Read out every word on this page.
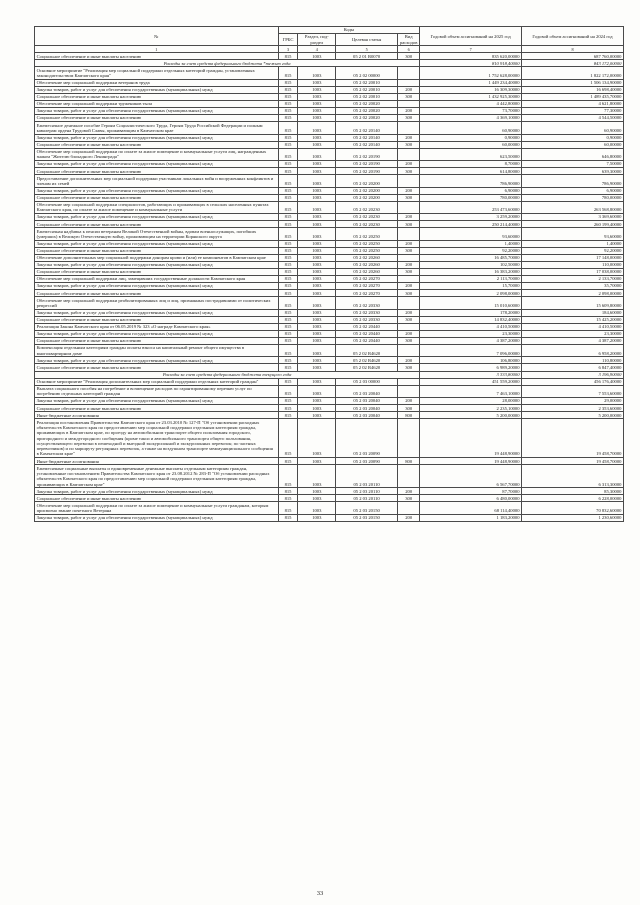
№	Коды				Годовой объем ассигнований на 2025 год	Годовой объем ассигнований на 2024 год
	ГРБС	Раздел, под-раздел	Целевая статья	Вид расходов		
1	3	4	5	6	7	8
Социальное обеспечение и иные выплаты населению	815	1003	05 2 01 R0070	300	835 620,00000	687 760,00000
Расходы за счет средств федерального бюджета *тежит года					810 918,40000	843 172,00000
Основное мероприятие "Реализация мер социальной поддержки отдельных категорий граждан, установленных законодательством Камчатского края"	815	1003	05 2 02 00000		1 752 628,00000	1 822 172,00000
Обеспечение мер социальной поддержки ветеранов труда	815	1003	05 2 02 20010		1 449 234,40000	1 506 134,90000
Закупка товаров, работ и услуг для обеспечения государственных (муниципальных) нужд	815	1003	05 2 02 20010	200	16 309,30000	16 698,40000
Социальное обеспечение и иные выплаты населению	815	1003	05 2 02 20010	300	1 432 925,30000	1 489 435,70000
Обеспечение мер социальной поддержки тружеников тыла	815	1003	05 2 02 20020		4 442,80000	4 621,80000
Закупка товаров, работ и услуг для обеспечения государственных (муниципальных) нужд	815	1003	05 2 02 20020	200	73,70000	77,30000
Социальное обеспечение и иные выплаты населению	815	1003	05 2 02 20020	300	4 369,10000	4 544,50000
Ежемесячное денежное пособие Героям Социалистического Труда, Героям Труда Российской Федерации и полным кавалерам ордена Трудовой Славы, проживающим в Камчатском крае	815	1003	05 2 02 20140		60,90000	60,90000
Закупка товаров, работ и услуг для обеспечения государственных (муниципальных) нужд	815	1003	05 2 02 20140	200	0,90000	0,90000
Социальное обеспечение и иные выплаты населению	815	1003	05 2 02 20140	300	60,00000	60,00000
Обеспечение мер социальной поддержки по оплате за жилое помещение и коммунальные услуги лиц, награжденных знаком "Жителю блокадного Ленинграда"	815	1003	05 2 02 20190		623,50000	646,80000
Закупка товаров, работ и услуг для обеспечения государственных (муниципальных) нужд	815	1003	05 2 02 20190	200	8,70000	7,50000
Социальное обеспечение и иные выплаты населению	815	1003	05 2 02 20190	300	614,80000	639,30000
Предоставление дополнительных мер социальной поддержки участникам локальных войн и вооруженных конфликтов и членам их семей	815	1003	05 2 02 20200		786,90000	786,90000
Закупка товаров, работ и услуг для обеспечения государственных (муниципальных) нужд	815	1003	05 2 02 20200	200	6,90000	6,90000
Социальное обеспечение и иные выплаты населению	815	1003	05 2 02 20200	300	780,00000	780,00000
Обеспечение мер социальной поддержки специалистов, работающих и проживающих в сельских населенных пунктах Камчатского края, по оплате за жилое помещение и коммунальные услуги	815	1003	05 2 02 20230		253 473,60000	263 568,80000
Закупка товаров, работ и услуг для обеспечения государственных (муниципальных) нужд	815	1003	05 2 02 20230	200	3 259,20000	3 369,60000
Социальное обеспечение и иные выплаты населению	815	1003	05 2 02 20230	300	250 214,40000	260 199,40000
Ежемесячная надбавка к пенсии ветеранам Великой Отечественной войны, вдовам военнослужащих, погибших (умерших) в Великую Отечественную войну, проживающим на территории Корякского округа	815	1003	05 2 02 20250		93,60000	93,60000
Закупка товаров, работ и услуг для обеспечения государственных (муниципальных) нужд	815	1003	05 2 02 20250	200	1,40000	1,40000
Социальное обеспечение и иные выплаты населению	815	1003	05 2 02 20250	300	92,20000	92,20000
Обеспечение дополнительных мер социальной поддержки донорам крови и (или) ее компонентов в Камчатском крае	815	1003	05 2 02 20260		16 485,70000	17 148,00000
Закупка товаров, работ и услуг для обеспечения государственных (муниципальных) нужд	815	1003	05 2 02 20260	200	102,50000	110,00000
Социальное обеспечение и иные выплаты населению	815	1003	05 2 02 20260	300	16 383,20000	17 038,00000
Обеспечение мер социальной поддержки лиц, замещавших государственные должности Камчатского края	815	1003	05 2 02 20270		2 113,70000	2 133,70000
Закупка товаров, работ и услуг для обеспечения государственных (муниципальных) нужд	815	1003	05 2 02 20270	200	15,70000	35,70000
Социальное обеспечение и иные выплаты населению	815	1003	05 2 02 20270	300	2 098,00000	2 098,00000
Обеспечение мер социальной поддержки реабилитированных лиц и лиц, признанных пострадавшими от политических репрессий	815	1003	05 2 02 20330		15 010,60000	15 609,80000
Закупка товаров, работ и услуг для обеспечения государственных (муниципальных) нужд	815	1003	05 2 02 20330	200	178,20000	184,60000
Социальное обеспечение и иные выплаты населению	815	1003	05 2 02 20330	300	14 832,40000	15 425,20000
Реализация Закона Камчатского края от 06.05.2019 № 323 «О награде Камчатского края»	815	1003	05 2 02 20440		4 410,50000	4 410,50000
Закупка товаров, работ и услуг для обеспечения государственных (муниципальных) нужд	815	1003	05 2 02 20440	200	23,30000	23,30000
Социальное обеспечение и иные выплаты населению	815	1003	05 2 02 20440	300	4 387,20000	4 387,20000
Компенсация отдельным категориям граждан оплаты взноса на капитальный ремонт общего имущества в многоквартирном доме	815	1003	05 2 02 R4620		7 096,00000	6 958,20000
Закупка товаров, работ и услуг для обеспечения государственных (муниципальных) нужд	815	1003	05 2 02 R4620	200	106,80000	110,80000
Социальное обеспечение и иные выплаты населению	815	1003	05 2 02 R4620	300	6 989,20000	6 847,40000
Расходы за счет средств федерального бюджета текущего года					3 333,80000	3 196,90000
Основное мероприятие "Реализация дополнительных мер социальной поддержки отдельных категорий граждан"	815	1003	05 2 03 00000		451 559,20000	456 176,40000
Выплата социального пособия на погребение и возмещение расходов по гарантированному перечню услуг по погребению отдельных категорий граждан	815	1003	05 2 03 20040		7 463,10000	7 553,60000
Закупка товаров, работ и услуг для обеспечения государственных (муниципальных) нужд	815	1003	05 2 03 20040	200	28,00000	29,00000
Социальное обеспечение и иные выплаты населению	815	1003	05 2 03 20040	300	2 235,10000	2 353,60000
Иные бюджетные ассигнования	815	1003	05 2 03 20040	800	5 200,00000	5 200,00000
Реализация постановления Правительства Камчатского края от 23.03.2010 № 127-П "Об установлении расходных обязательств Камчатского края по предоставлению мер социальной поддержки отдельным категориям граждан, проживающих в Камчатском крае, по проезду на автомобильном транспорте общего пользования городского, пригородного и междугородного сообщения (кроме такси и автомобильного транспорта общего пользования, осуществляющего перевозки в пешеходной и выездной экскурсионной и экскурсионных перевозок; по частных перевозчиков) и по маршруту регулярных перевозок, а также на воздушном транспорте межмуниципального сообщения в Камчатском крае"	815	1003	05 2 03 20090		19 448,90000	19 458,70000
Иные бюджетные ассигнования	815	1003	05 2 03 20090	800	19 448,90000	19 458,70000
Ежемесячные социальные выплаты и единовременные денежные выплаты отдельным категориям граждан, установленные постановлением Правительства Камчатского края от 23.08.2012 № 283-П "Об установлении расходных обязательств Камчатского края по предоставлению мер социальной поддержки отдельным категориям граждан, проживающих в Камчатском крае"	815	1003	05 2 03 20110		6 567,70000	6 313,30000
Закупка товаров, работ и услуг для обеспечения государственных (муниципальных) нужд	815	1003	05 2 03 20110	200	87,70000	85,30000
Социальное обеспечение и иные выплаты населению	815	1003	05 2 03 20110	300	6 480,00000	6 228,00000
Обеспечение мер социальной поддержки по оплате за жилое помещение и коммунальные услуги гражданам, которым присвоено звание почетного Ветерана	815	1003	05 2 03 20150		68 114,40000	70 832,60000
Закупка товаров, работ и услуг для обеспечения государственных (муниципальных) нужд	815	1003	05 2 03 20150	200	1 183,20000	1 230,60000
33
